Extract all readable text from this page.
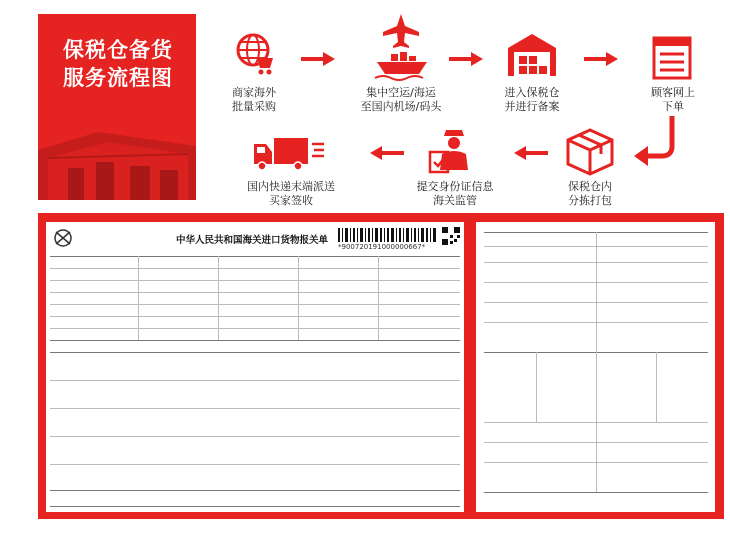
保税仓备货
服务流程图
商家海外
批量采购
集中空运/海运
至国内机场/码头
进入保税仓
并进行备案
顾客网上
下单
保税仓内
分拣打包
提交身份证信息
海关监管
国内快递末端派送
买家签收
中华人民共和国海关进口货物报关单
*900720191000000667*
